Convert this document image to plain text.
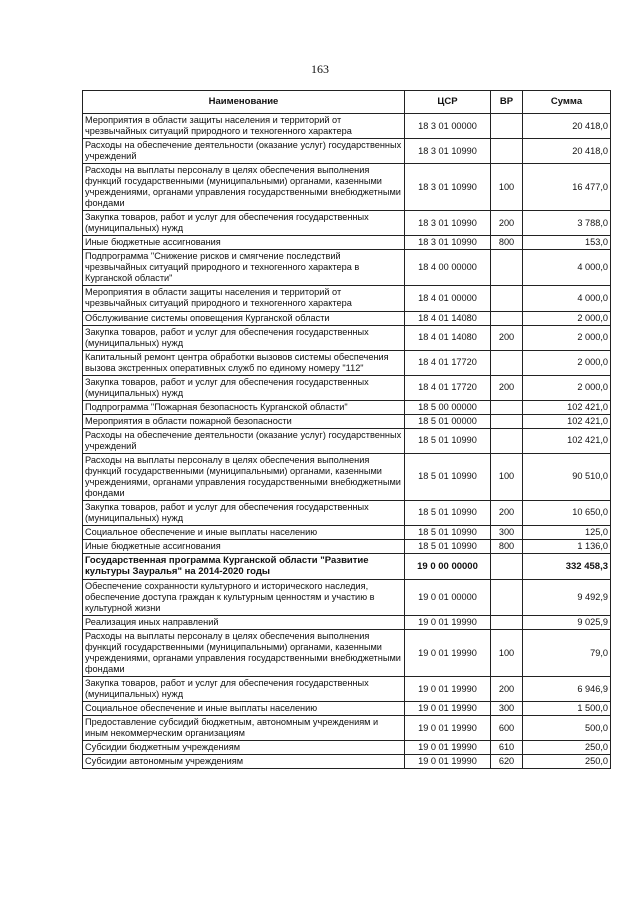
163
Наименование	ЦСР	ВР	Сумма
Мероприятия в области защиты населения и территорий от чрезвычайных ситуаций природного и техногенного характера	18 3 01 00000		20 418,0
Расходы на обеспечение деятельности (оказание услуг) государственных учреждений	18 3 01 10990		20 418,0
Расходы на выплаты персоналу в целях обеспечения выполнения функций государственными (муниципальными) органами, казенными учреждениями, органами управления государственными внебюджетными фондами	18 3 01 10990	100	16 477,0
Закупка товаров, работ и услуг для обеспечения государственных (муниципальных) нужд	18 3 01 10990	200	3 788,0
Иные бюджетные ассигнования	18 3 01 10990	800	153,0
Подпрограмма "Снижение рисков и смягчение последствий чрезвычайных ситуаций природного и техногенного характера в Курганской области"	18 4 00 00000		4 000,0
Мероприятия в области защиты населения и территорий от чрезвычайных ситуаций природного и техногенного характера	18 4 01 00000		4 000,0
Обслуживание системы оповещения Курганской области	18 4 01 14080		2 000,0
Закупка товаров, работ и услуг для обеспечения государственных (муниципальных) нужд	18 4 01 14080	200	2 000,0
Капитальный ремонт центра обработки вызовов системы обеспечения вызова экстренных оперативных служб по единому номеру "112"	18 4 01 17720		2 000,0
Закупка товаров, работ и услуг для обеспечения государственных (муниципальных) нужд	18 4 01 17720	200	2 000,0
Подпрограмма "Пожарная безопасность Курганской области"	18 5 00 00000		102 421,0
Мероприятия в области пожарной безопасности	18 5 01 00000		102 421,0
Расходы на обеспечение деятельности (оказание услуг) государственных учреждений	18 5 01 10990		102 421,0
Расходы на выплаты персоналу в целях обеспечения выполнения функций государственными (муниципальными) органами, казенными учреждениями, органами управления государственными внебюджетными фондами	18 5 01 10990	100	90 510,0
Закупка товаров, работ и услуг для обеспечения государственных (муниципальных) нужд	18 5 01 10990	200	10 650,0
Социальное обеспечение и иные выплаты населению	18 5 01 10990	300	125,0
Иные бюджетные ассигнования	18 5 01 10990	800	1 136,0
Государственная программа Курганской области "Развитие культуры Зауралья" на 2014-2020 годы	19 0 00 00000		332 458,3
Обеспечение сохранности культурного и исторического наследия, обеспечение доступа граждан к культурным ценностям и участию в культурной жизни	19 0 01 00000		9 492,9
Реализация иных направлений	19 0 01 19990		9 025,9
Расходы на выплаты персоналу в целях обеспечения выполнения функций государственными (муниципальными) органами, казенными учреждениями, органами управления государственными внебюджетными фондами	19 0 01 19990	100	79,0
Закупка товаров, работ и услуг для обеспечения государственных (муниципальных) нужд	19 0 01 19990	200	6 946,9
Социальное обеспечение и иные выплаты населению	19 0 01 19990	300	1 500,0
Предоставление субсидий бюджетным, автономным учреждениям и иным некоммерческим организациям	19 0 01 19990	600	500,0
Субсидии бюджетным учреждениям	19 0 01 19990	610	250,0
Субсидии автономным учреждениям	19 0 01 19990	620	250,0
